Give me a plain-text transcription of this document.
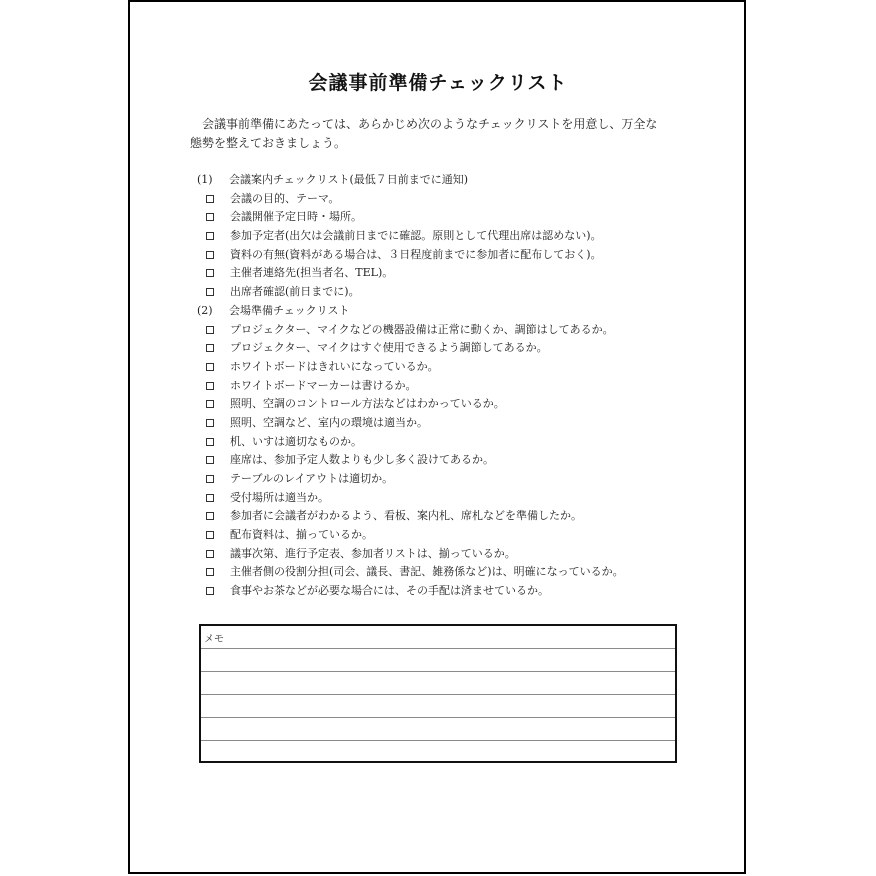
会議事前準備チェックリスト
会議事前準備にあたっては、あらかじめ次のようなチェックリストを用意し、万全な
態勢を整えておきましょう。
(1) 会議案内チェックリスト(最低７日前までに通知)
会議の目的、テーマ。
会議開催予定日時・場所。
参加予定者(出欠は会議前日までに確認。原則として代理出席は認めない)。
資料の有無(資料がある場合は、３日程度前までに参加者に配布しておく)。
主催者連絡先(担当者名、TEL)。
出席者確認(前日までに)。
(2) 会場準備チェックリスト
プロジェクター、マイクなどの機器設備は正常に動くか、調節はしてあるか。
プロジェクター、マイクはすぐ使用できるよう調節してあるか。
ホワイトボードはきれいになっているか。
ホワイトボードマーカーは書けるか。
照明、空調のコントロール方法などはわかっているか。
照明、空調など、室内の環境は適当か。
机、いすは適切なものか。
座席は、参加予定人数よりも少し多く設けてあるか。
テーブルのレイアウトは適切か。
受付場所は適当か。
参加者に会議者がわかるよう、看板、案内札、席札などを準備したか。
配布資料は、揃っているか。
議事次第、進行予定表、参加者リストは、揃っているか。
主催者側の役割分担(司会、議長、書記、雑務係など)は、明確になっているか。
食事やお茶などが必要な場合には、その手配は済ませているか。
メモ
